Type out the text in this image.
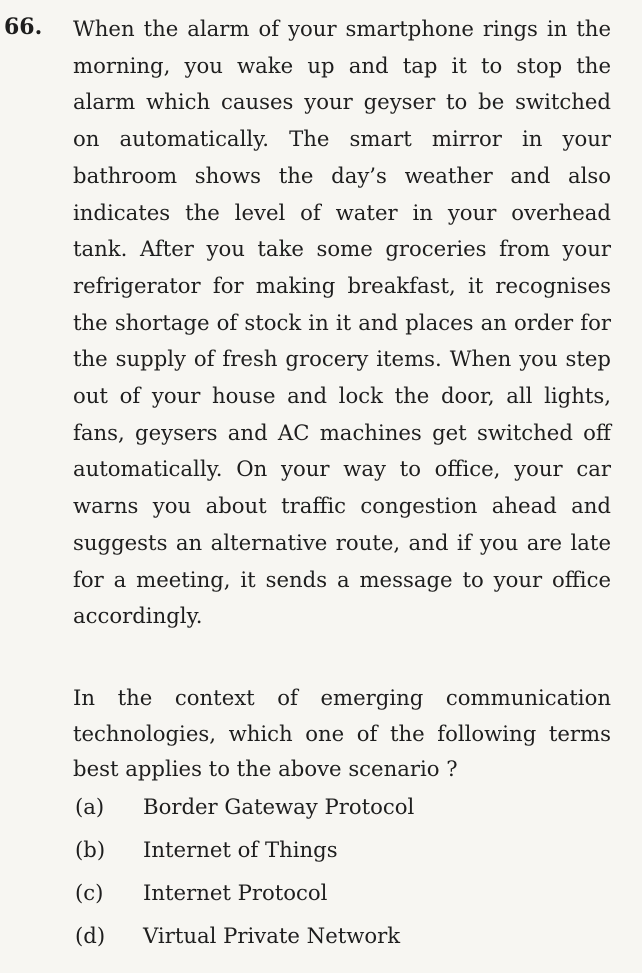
66. When the alarm of your smartphone rings in the morning, you wake up and tap it to stop the alarm which causes your geyser to be switched on automatically. The smart mirror in your bathroom shows the day’s weather and also indicates the level of water in your overhead tank. After you take some groceries from your refrigerator for making breakfast, it recognises the shortage of stock in it and places an order for the supply of fresh grocery items. When you step out of your house and lock the door, all lights, fans, geysers and AC machines get switched off automatically. On your way to office, your car warns you about traffic congestion ahead and suggests an alternative route, and if you are late for a meeting, it sends a message to your office accordingly.

In the context of emerging communication technologies, which one of the following terms best applies to the above scenario ?

(a) Border Gateway Protocol
(b) Internet of Things
(c) Internet Protocol
(d) Virtual Private Network
